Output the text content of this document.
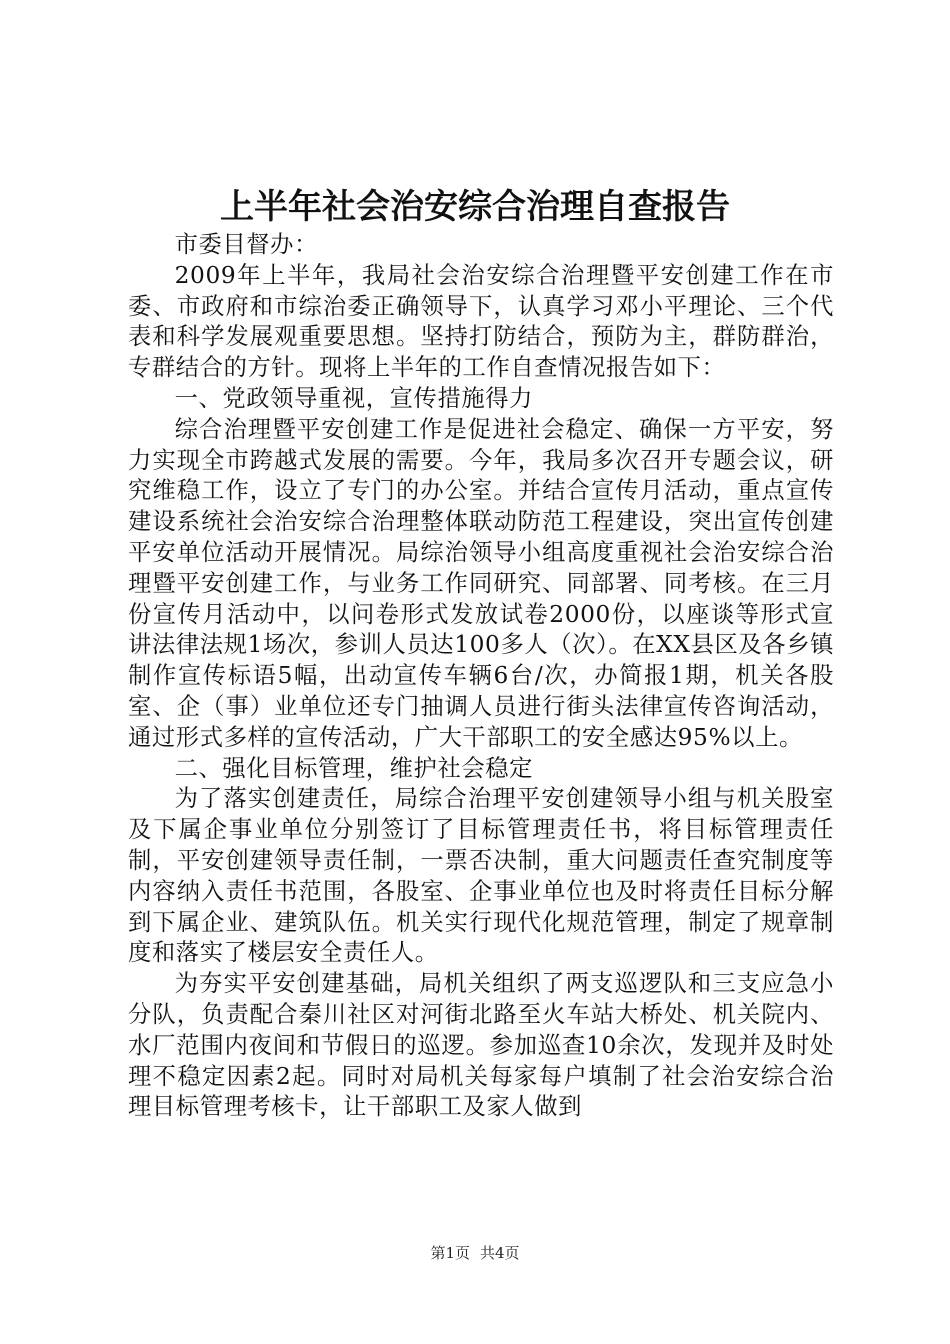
上半年社会治安综合治理自查报告

市委目督办：

2009年上半年，我局社会治安综合治理暨平安创建工作在市委、市政府和市综治委正确领导下，认真学习邓小平理论、三个代表和科学发展观重要思想。坚持打防结合，预防为主，群防群治，专群结合的方针。现将上半年的工作自查情况报告如下：

一、党政领导重视，宣传措施得力

综合治理暨平安创建工作是促进社会稳定、确保一方平安，努力实现全市跨越式发展的需要。今年，我局多次召开专题会议，研究维稳工作，设立了专门的办公室。并结合宣传月活动，重点宣传建设系统社会治安综合治理整体联动防范工程建设，突出宣传创建平安单位活动开展情况。局综治领导小组高度重视社会治安综合治理暨平安创建工作，与业务工作同研究、同部署、同考核。在三月份宣传月活动中，以问卷形式发放试卷2000份，以座谈等形式宣讲法律法规1场次，参训人员达100多人（次）。在XX县区及各乡镇制作宣传标语5幅，出动宣传车辆6台/次，办简报1期，机关各股室、企（事）业单位还专门抽调人员进行街头法律宣传咨询活动，通过形式多样的宣传活动，广大干部职工的安全感达95%以上。

二、强化目标管理，维护社会稳定

为了落实创建责任，局综合治理平安创建领导小组与机关股室及下属企事业单位分别签订了目标管理责任书，将目标管理责任制，平安创建领导责任制，一票否决制，重大问题责任查究制度等内容纳入责任书范围，各股室、企事业单位也及时将责任目标分解到下属企业、建筑队伍。机关实行现代化规范管理，制定了规章制度和落实了楼层安全责任人。

为夯实平安创建基础，局机关组织了两支巡逻队和三支应急小分队，负责配合秦川社区对河街北路至火车站大桥处、机关院内、水厂范围内夜间和节假日的巡逻。参加巡查10余次，发现并及时处理不稳定因素2起。同时对局机关每家每户填制了社会治安综合治理目标管理考核卡，让干部职工及家人做到

第1页 共4页
